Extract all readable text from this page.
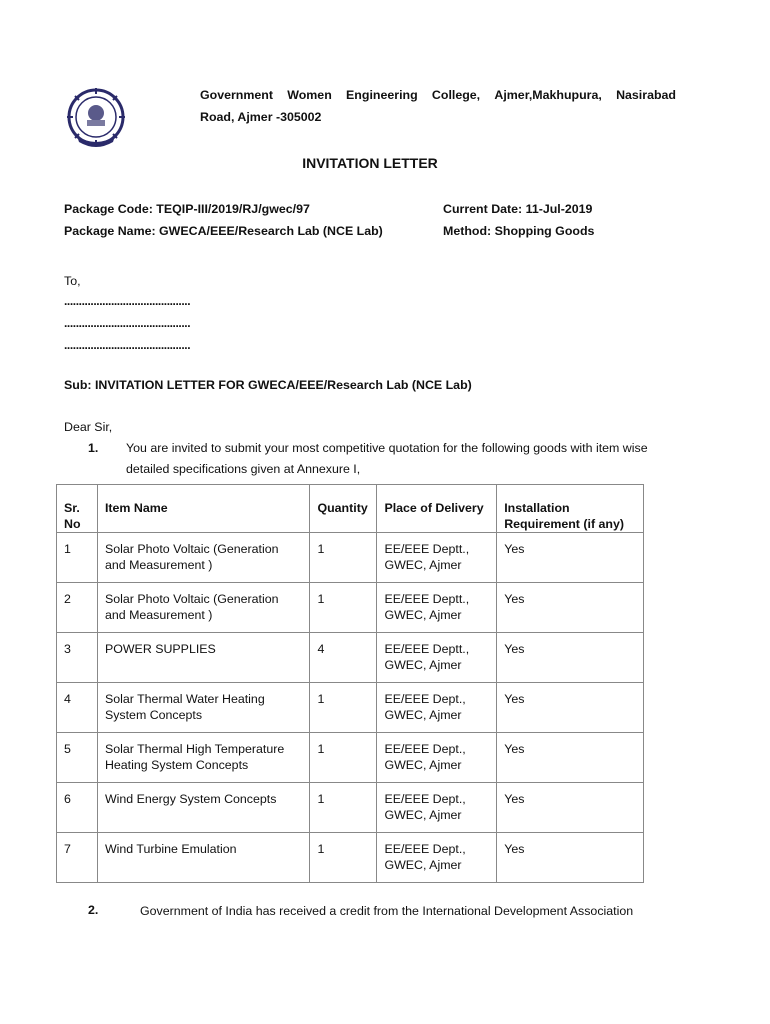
Government Women Engineering College, Ajmer,Makhupura, Nasirabad
Road, Ajmer -305002
INVITATION LETTER
Package Code: TEQIP-III/2019/RJ/gwec/97
Package Name: GWECA/EEE/Research Lab (NCE Lab)
Current Date: 11-Jul-2019
Method: Shopping Goods
To,
...........................................
...........................................
...........................................
Sub: INVITATION LETTER FOR GWECA/EEE/Research Lab (NCE Lab)
Dear Sir,
1. You are invited to submit your most competitive quotation for the following goods with item wise
detailed specifications given at Annexure I,
Sr. No	Item Name	Quantity	Place of Delivery	Installation Requirement (if any)
1	Solar Photo Voltaic (Generation and Measurement )	1	EE/EEE Deptt., GWEC, Ajmer	Yes
2	Solar Photo Voltaic (Generation and Measurement )	1	EE/EEE Deptt., GWEC, Ajmer	Yes
3	POWER SUPPLIES	4	EE/EEE Deptt., GWEC, Ajmer	Yes
4	Solar Thermal Water Heating System Concepts	1	EE/EEE Dept., GWEC, Ajmer	Yes
5	Solar Thermal High Temperature Heating System Concepts	1	EE/EEE Dept., GWEC, Ajmer	Yes
6	Wind Energy System Concepts	1	EE/EEE Dept., GWEC, Ajmer	Yes
7	Wind Turbine Emulation	1	EE/EEE Dept., GWEC, Ajmer	Yes
2.	Government of India has received a credit from the International Development Association
